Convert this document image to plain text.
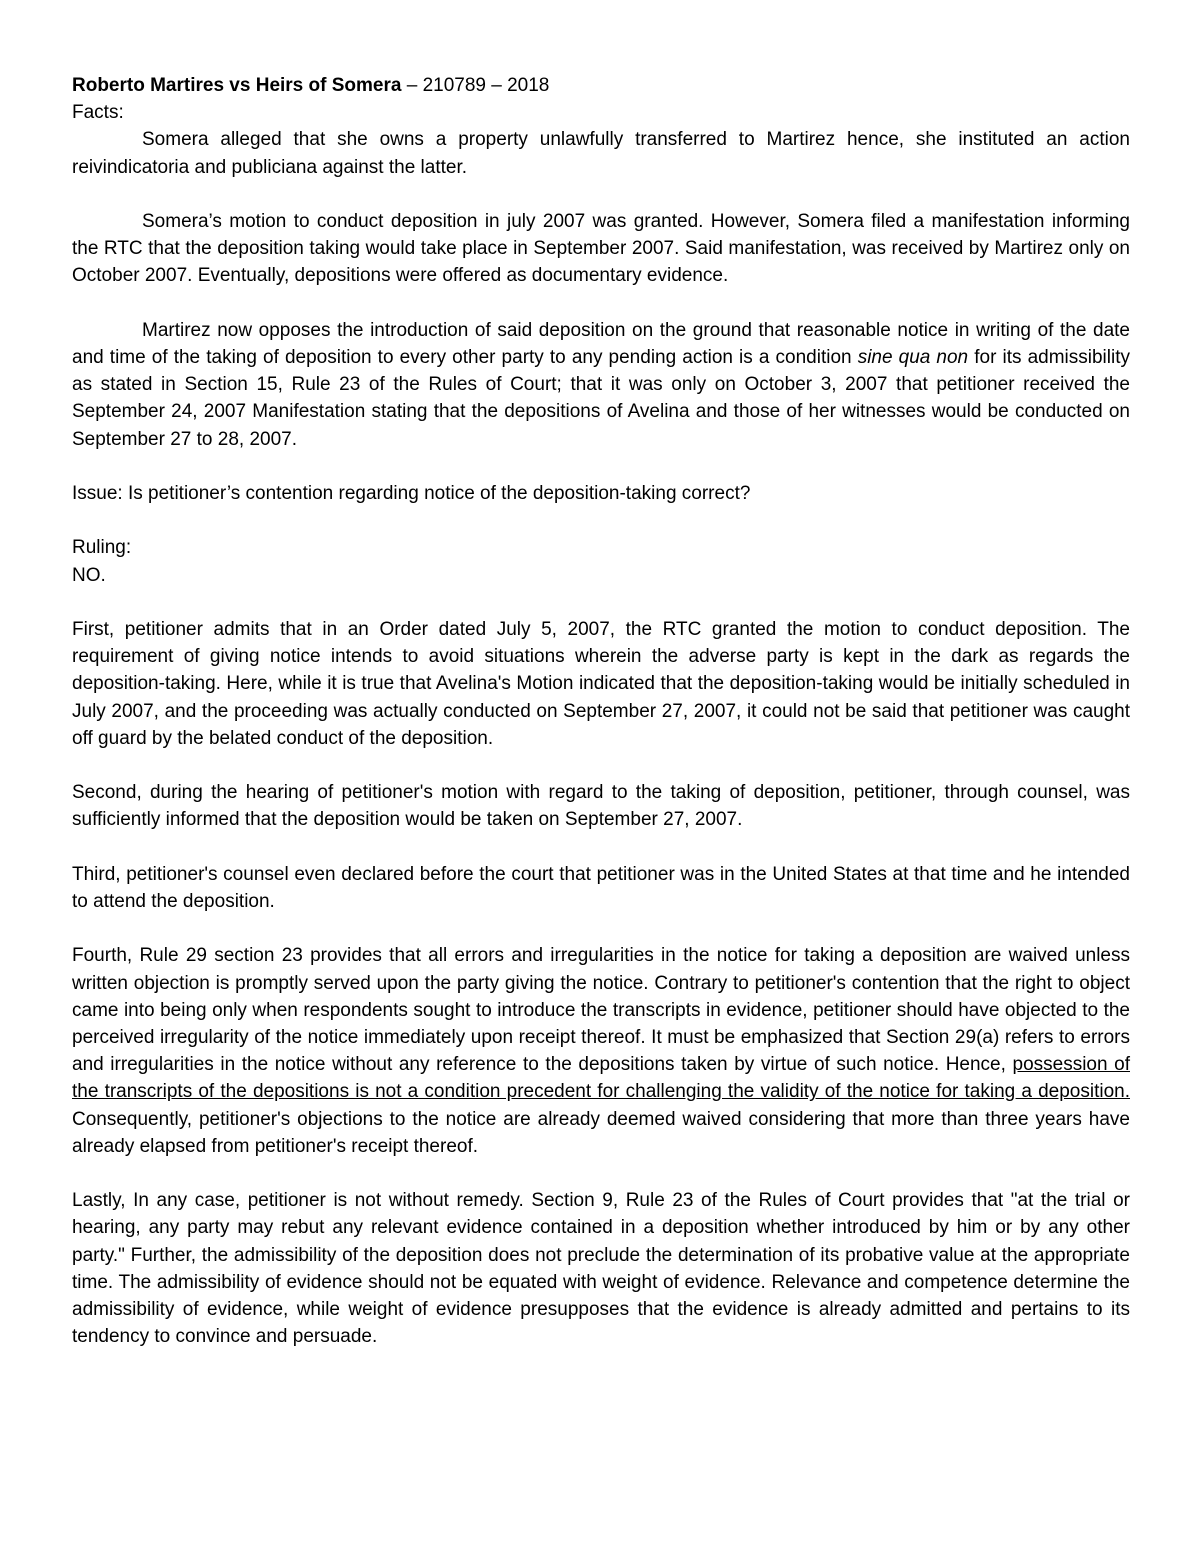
Roberto Martires vs Heirs of Somera – 210789 – 2018

Facts:

Somera alleged that she owns a property unlawfully transferred to Martirez hence, she instituted an action reivindicatoria and publiciana against the latter.

Somera’s motion to conduct deposition in july 2007 was granted. However, Somera filed a manifestation informing the RTC that the deposition taking would take place in September 2007. Said manifestation, was received by Martirez only on October 2007. Eventually, depositions were offered as documentary evidence.

Martirez now opposes the introduction of said deposition on the ground that reasonable notice in writing of the date and time of the taking of deposition to every other party to any pending action is a condition sine qua non for its admissibility as stated in Section 15, Rule 23 of the Rules of Court; that it was only on October 3, 2007 that petitioner received the September 24, 2007 Manifestation stating that the depositions of Avelina and those of her witnesses would be conducted on September 27 to 28, 2007.

Issue: Is petitioner’s contention regarding notice of the deposition-taking correct?

Ruling:

NO.

First, petitioner admits that in an Order dated July 5, 2007, the RTC granted the motion to conduct deposition. The requirement of giving notice intends to avoid situations wherein the adverse party is kept in the dark as regards the deposition-taking. Here, while it is true that Avelina's Motion indicated that the deposition-taking would be initially scheduled in July 2007, and the proceeding was actually conducted on September 27, 2007, it could not be said that petitioner was caught off guard by the belated conduct of the deposition.

Second, during the hearing of petitioner's motion with regard to the taking of deposition, petitioner, through counsel, was sufficiently informed that the deposition would be taken on September 27, 2007.

Third, petitioner's counsel even declared before the court that petitioner was in the United States at that time and he intended to attend the deposition.

Fourth, Rule 29 section 23 provides that all errors and irregularities in the notice for taking a deposition are waived unless written objection is promptly served upon the party giving the notice. Contrary to petitioner's contention that the right to object came into being only when respondents sought to introduce the transcripts in evidence, petitioner should have objected to the perceived irregularity of the notice immediately upon receipt thereof. It must be emphasized that Section 29(a) refers to errors and irregularities in the notice without any reference to the depositions taken by virtue of such notice. Hence, possession of the transcripts of the depositions is not a condition precedent for challenging the validity of the notice for taking a deposition. Consequently, petitioner's objections to the notice are already deemed waived considering that more than three years have already elapsed from petitioner's receipt thereof.

Lastly, In any case, petitioner is not without remedy. Section 9, Rule 23 of the Rules of Court provides that "at the trial or hearing, any party may rebut any relevant evidence contained in a deposition whether introduced by him or by any other party." Further, the admissibility of the deposition does not preclude the determination of its probative value at the appropriate time. The admissibility of evidence should not be equated with weight of evidence. Relevance and competence determine the admissibility of evidence, while weight of evidence presupposes that the evidence is already admitted and pertains to its tendency to convince and persuade.
